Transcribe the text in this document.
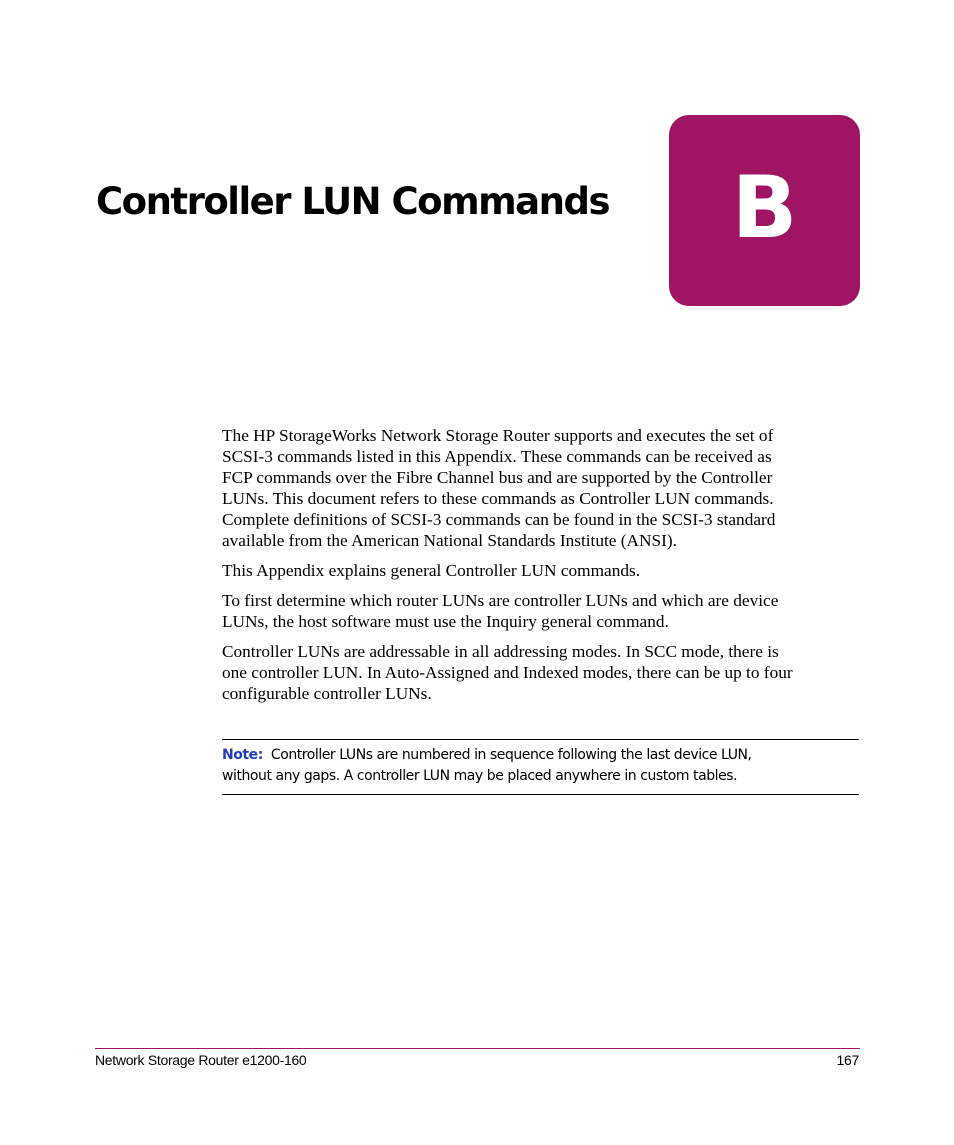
Controller LUN Commands B

The HP StorageWorks Network Storage Router supports and executes the set of
SCSI-3 commands listed in this Appendix. These commands can be received as
FCP commands over the Fibre Channel bus and are supported by the Controller
LUNs. This document refers to these commands as Controller LUN commands.
Complete definitions of SCSI-3 commands can be found in the SCSI-3 standard
available from the American National Standards Institute (ANSI).

This Appendix explains general Controller LUN commands.

To first determine which router LUNs are controller LUNs and which are device
LUNs, the host software must use the Inquiry general command.

Controller LUNs are addressable in all addressing modes. In SCC mode, there is
one controller LUN. In Auto-Assigned and Indexed modes, there can be up to four
configurable controller LUNs.

Note: Controller LUNs are numbered in sequence following the last device LUN,
without any gaps. A controller LUN may be placed anywhere in custom tables.
Network Storage Router e1200-160	167
